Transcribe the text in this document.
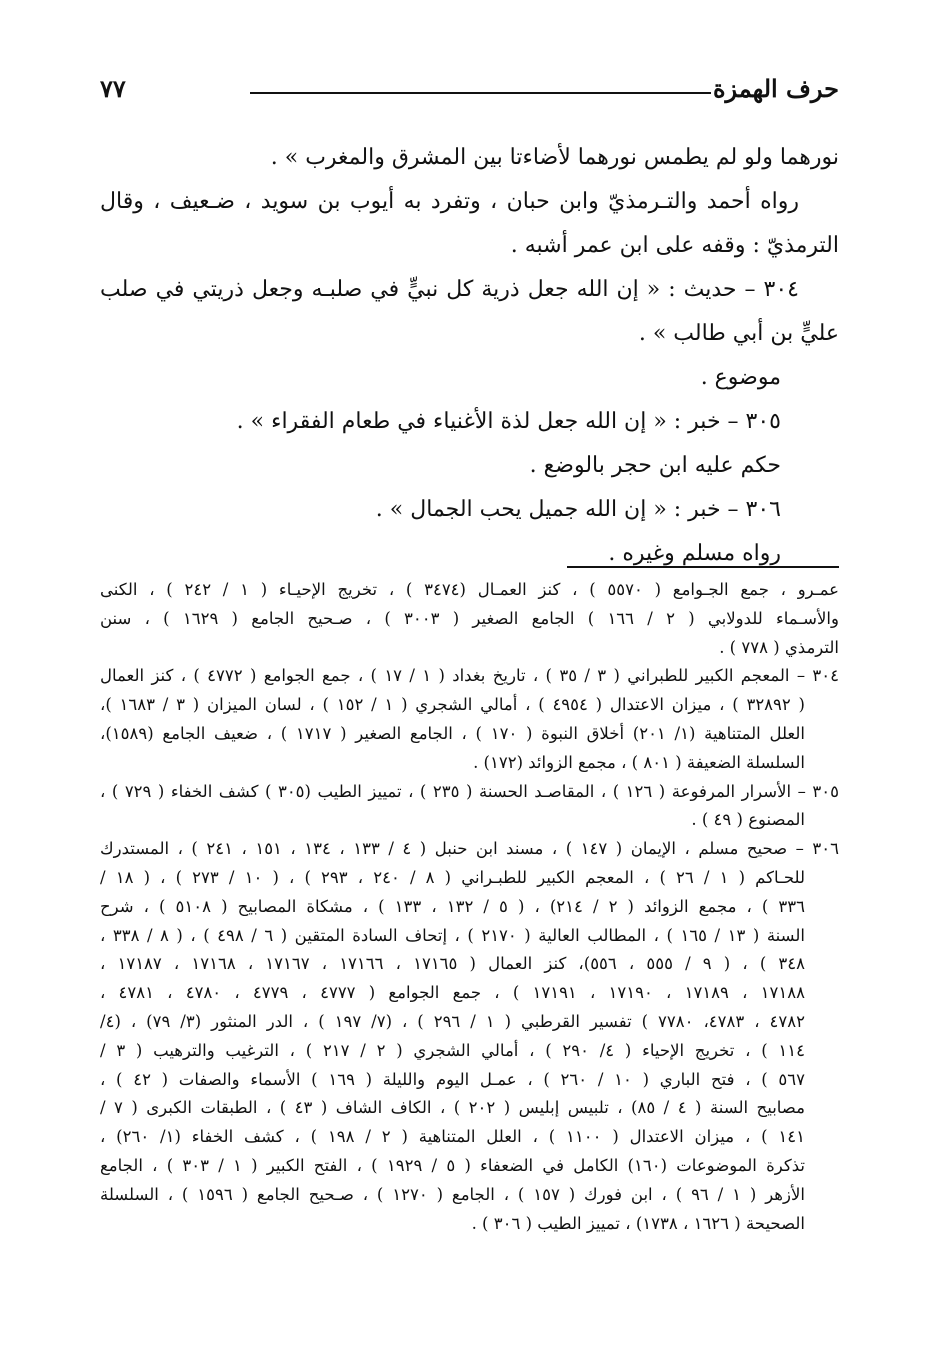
حرف الهمزة
٧٧
نورهما ولو لم يطمس نورهما لأضاءتا بين المشرق والمغرب » .
رواه أحمد والتـرمذيّ وابن حبان ، وتفرد به أيوب بن سويد ، ضـعيف ، وقال
الترمذيّ : وقفه على ابن عمر أشبه .
٣٠٤ – حديث : « إن الله جعل ذرية كل نبيٍّ في صلبـه وجعل ذريتي في صلب
عليٍّ بن أبي طالب » .
موضوع .
٣٠٥ – خبر : « إن الله جعل لذة الأغنياء في طعام الفقراء » .
حكم عليه ابن حجر بالوضع .
٣٠٦ – خبر : « إن الله جميل يحب الجمال » .
رواه مسلم وغيره .
عمـرو ، جمع الجـوامع ( ٥٥٧٠ ) ، كنز العمـال (٣٤٧٤ ) ، تخريج الإحيـاء ( ١ / ٢٤٢ ) ، الكنى
والأسـماء للدولابي ( ٢ / ١٦٦ ) الجامع الصغير ( ٣٠٠٣ ) ، صـحيح الجامع ( ١٦٢٩ ) ، سنن
الترمذي ( ٧٧٨ ) .
٣٠٤ – المعجم الكبير للطبراني ( ٣ / ٣٥ ) ، تاريخ بغداد ( ١ / ١٧ ) ، جمع الجوامع ( ٤٧٧٢ ) ، كنز العمال
( ٣٢٨٩٢ ) ، ميزان الاعتدال ( ٤٩٥٤ ) ، أمالي الشجري ( ١ / ١٥٢ ) ، لسان الميزان ( ٣ / ١٦٨٣ )،
العلل المتناهية (١/ ٢٠١) أخلاق النبوة ( ١٧٠ ) ، الجامع الصغير ( ١٧١٧ ) ، ضعيف الجامع (١٥٨٩)،
السلسلة الضعيفة ( ٨٠١ ) ، مجمع الزوائد (١٧٢) .
٣٠٥ – الأسرار المرفوعة ( ١٢٦ ) ، المقاصـد الحسنة ( ٢٣٥ ) ، تمييز الطيب (٣٠٥ ) كشف الخفاء ( ٧٢٩ ) ،
المصنوع ( ٤٩ ) .
٣٠٦ – صحيح مسلم ، الإيمان ( ١٤٧ ) ، مسند ابن حنبل ( ٤ / ١٣٣ ، ١٣٤ ، ١٥١ ، ٢٤١ ) ، المستدرك
للحـاكم ( ١ / ٢٦ ) ، المعجم الكبير للطبـراني ( ٨ / ٢٤٠ ، ٢٩٣ ) ، ( ١٠ / ٢٧٣ ) ، ( ١٨ /
٣٣٦ ) ، مجمع الزوائد ( ٢ / ٢١٤) ، ( ٥ / ١٣٢ ، ١٣٣ ) ، مشكاة المصابيح ( ٥١٠٨ ) ، شرح
السنة ( ١٣ / ١٦٥ ) ، المطالب العالية ( ٢١٧٠ ) ، إتحاف السادة المتقين ( ٦ / ٤٩٨ ) ، ( ٨ / ٣٣٨ ،
٣٤٨ ) ، ( ٩ / ٥٥٥ ، ٥٥٦)، كنز العمال ( ١٧١٦٥ ، ١٧١٦٦ ، ١٧١٦٧ ، ١٧١٦٨ ، ١٧١٨٧ ،
١٧١٨٨ ، ١٧١٨٩ ، ١٧١٩٠ ، ١٧١٩١ ) ، جمع الجوامع ( ٤٧٧٧ ، ٤٧٧٩ ، ٤٧٨٠ ، ٤٧٨١ ،
٤٧٨٢ ، ٤٧٨٣، ٧٧٨٠ ) تفسير القرطبي ( ١ / ٢٩٦ ) ، (٧/ ١٩٧ ) ، الدر المنثور (٣/ ٧٩) ، (٤/
١١٤ ) ، تخريج الإحياء ( ٤/ ٢٩٠ ) ، أمالي الشجري ( ٢ / ٢١٧ ) ، الترغيب والترهيب ( ٣ /
٥٦٧ ) ، فتح الباري ( ١٠ / ٢٦٠ ) ، عمـل اليوم والليلة ( ١٦٩ ) الأسماء والصفات ( ٤٢ ) ،
مصابيح السنة ( ٤ / ٨٥) ، تلبيس إبليس ( ٢٠٢ ) ، الكاف الشاف ( ٤٣ ) ، الطبقات الكبرى ( ٧ /
١٤١ ) ، ميزان الاعتدال ( ١١٠٠ ) ، العلل المتناهية ( ٢ / ١٩٨ ) ، كشف الخفاء (١/ ٢٦٠) ،
تذكرة الموضوعات (١٦٠) الكامل في الضعفاء ( ٥ / ١٩٢٩ ) ، الفتح الكبير ( ١ / ٣٠٣ ) ، الجامع
الأزهر ( ١ / ٩٦ ) ، ابن فورك ( ١٥٧ ) ، الجامع ( ١٢٧٠ ) ، صـحيح الجامع ( ١٥٩٦ ) ، السلسلة
الصحيحة ( ١٦٢٦ ، ١٧٣٨) ، تمييز الطيب ( ٣٠٦ ) .
